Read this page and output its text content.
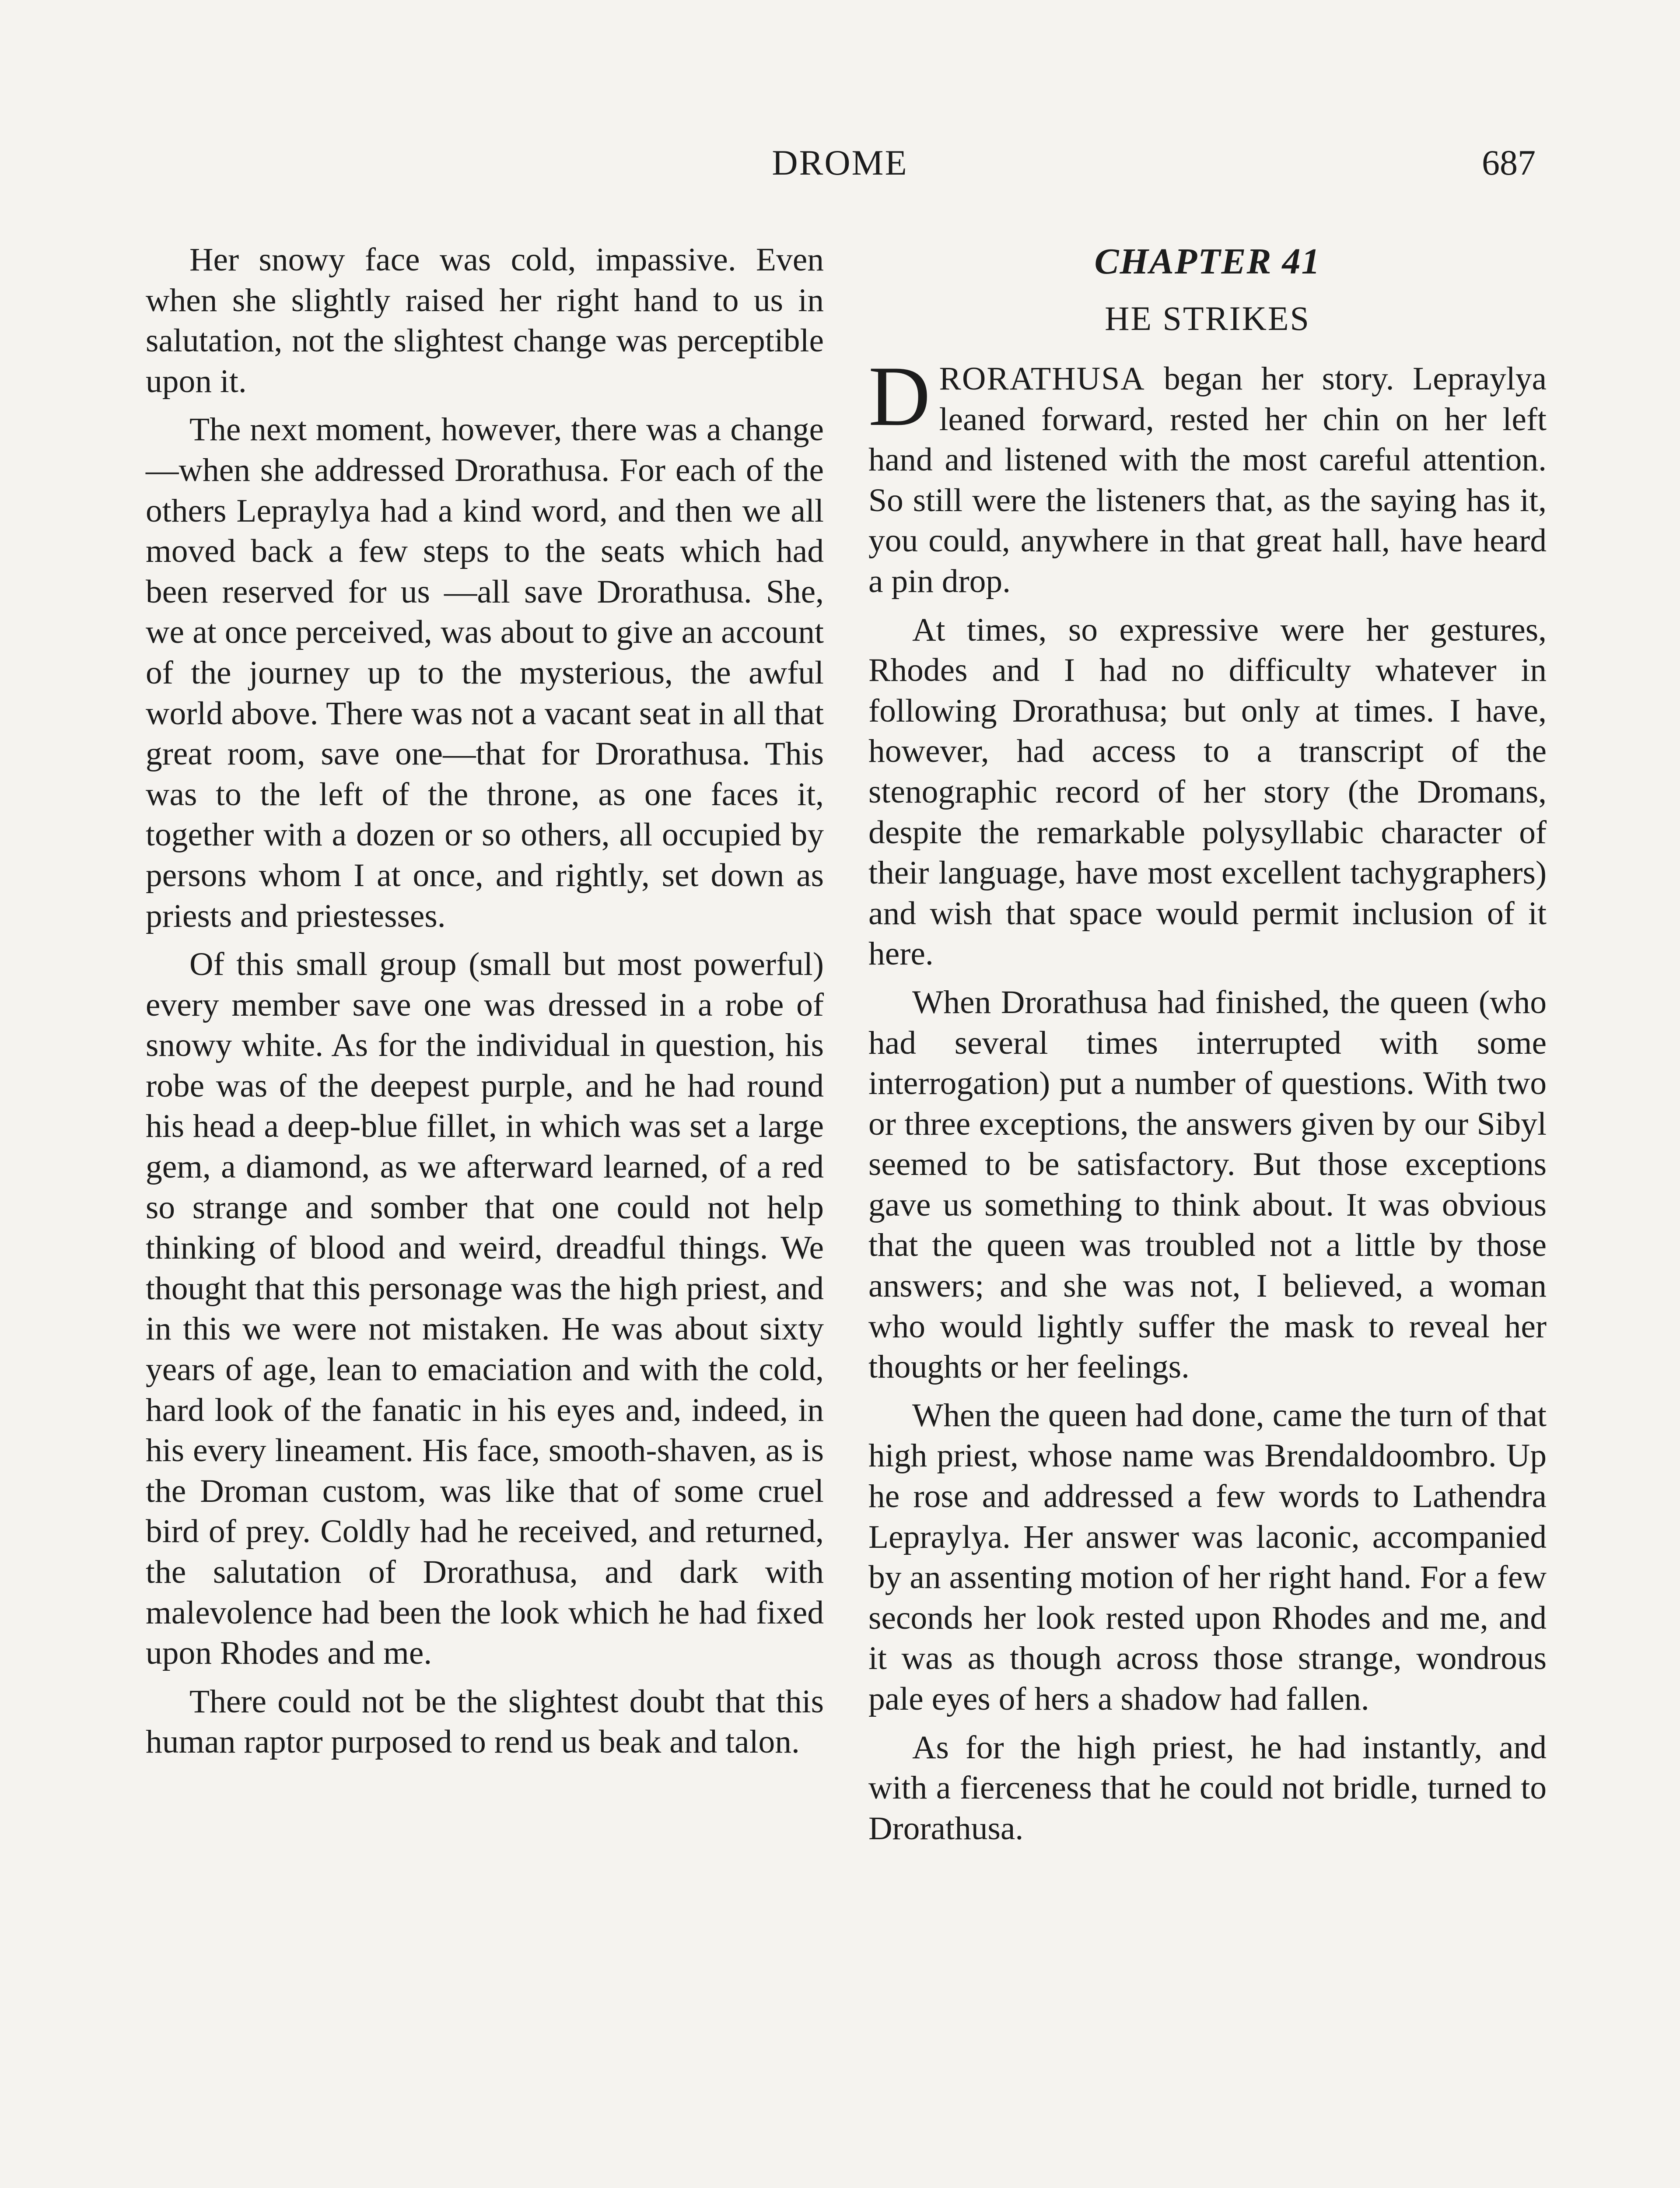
DROME	687

Her snowy face was cold, impassive. Even when she slightly raised her right hand to us in salutation, not the slightest change was perceptible upon it.

The next moment, however, there was a change—when she addressed Drorathusa. For each of the others Lepraylya had a kind word, and then we all moved back a few steps to the seats which had been reserved for us —all save Drorathusa. She, we at once perceived, was about to give an account of the journey up to the mysterious, the awful world above. There was not a vacant seat in all that great room, save one—that for Drorathusa. This was to the left of the throne, as one faces it, together with a dozen or so others, all occupied by persons whom I at once, and rightly, set down as priests and priestesses.

Of this small group (small but most powerful) every member save one was dressed in a robe of snowy white. As for the individual in question, his robe was of the deepest purple, and he had round his head a deep-blue fillet, in which was set a large gem, a diamond, as we afterward learned, of a red so strange and somber that one could not help thinking of blood and weird, dreadful things. We thought that this personage was the high priest, and in this we were not mistaken. He was about sixty years of age, lean to emaciation and with the cold, hard look of the fanatic in his eyes and, indeed, in his every lineament. His face, smooth-shaven, as is the Droman custom, was like that of some cruel bird of prey. Coldly had he received, and returned, the salutation of Drorathusa, and dark with malevolence had been the look which he had fixed upon Rhodes and me.

There could not be the slightest doubt that this human raptor purposed to rend us beak and talon.

CHAPTER 41
HE STRIKES

DRORATHUSA began her story. Lepraylya leaned forward, rested her chin on her left hand and listened with the most careful attention. So still were the listeners that, as the saying has it, you could, anywhere in that great hall, have heard a pin drop.

At times, so expressive were her gestures, Rhodes and I had no difficulty whatever in following Drorathusa; but only at times. I have, however, had access to a transcript of the stenographic record of her story (the Dromans, despite the remarkable polysyllabic character of their language, have most excellent tachygraphers) and wish that space would permit inclusion of it here.

When Drorathusa had finished, the queen (who had several times interrupted with some interrogation) put a number of questions. With two or three exceptions, the answers given by our Sibyl seemed to be satisfactory. But those exceptions gave us something to think about. It was obvious that the queen was troubled not a little by those answers; and she was not, I believed, a woman who would lightly suffer the mask to reveal her thoughts or her feelings.

When the queen had done, came the turn of that high priest, whose name was Brendaldoombro. Up he rose and addressed a few words to Lathendra Lepraylya. Her answer was laconic, accompanied by an assenting motion of her right hand. For a few seconds her look rested upon Rhodes and me, and it was as though across those strange, wondrous pale eyes of hers a shadow had fallen.

As for the high priest, he had instantly, and with a fierceness that he could not bridle, turned to Drorathusa.
